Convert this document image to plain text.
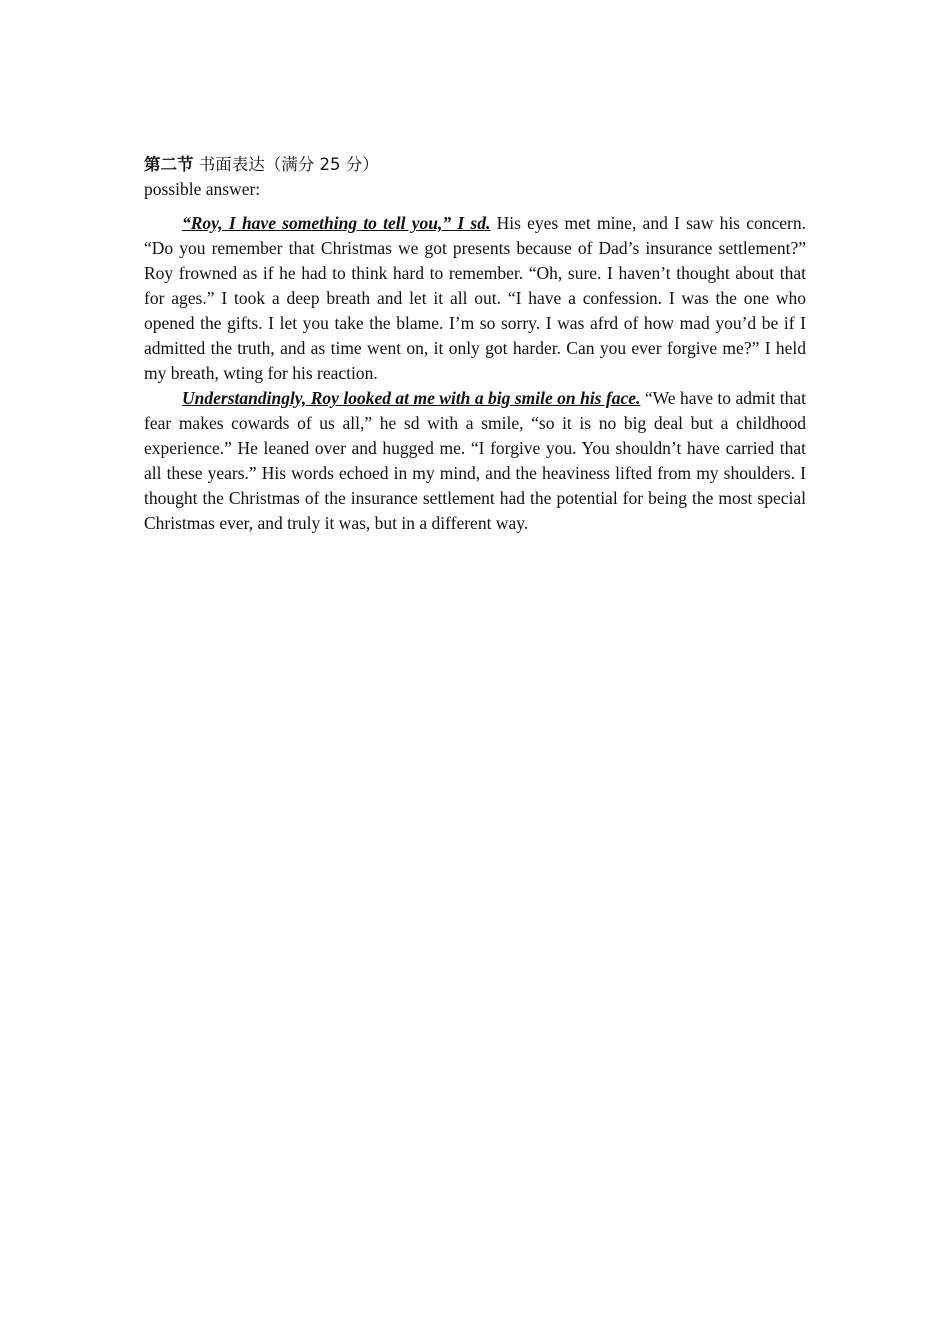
第二节 书面表达（满分 25 分）

possible answer:

“Roy, I have something to tell you,” I sd. His eyes met mine, and I saw his concern. “Do you remember that Christmas we got presents because of Dad’s insurance settlement?” Roy frowned as if he had to think hard to remember. “Oh, sure. I haven’t thought about that for ages.” I took a deep breath and let it all out. “I have a confession. I was the one who opened the gifts. I let you take the blame. I’m so sorry. I was afrd of how mad you’d be if I admitted the truth, and as time went on, it only got harder. Can you ever forgive me?” I held my breath, wting for his reaction.

Understandingly, Roy looked at me with a big smile on his face. “We have to admit that fear makes cowards of us all,” he sd with a smile, “so it is no big deal but a childhood experience.” He leaned over and hugged me. “I forgive you. You shouldn’t have carried that all these years.” His words echoed in my mind, and the heaviness lifted from my shoulders. I thought the Christmas of the insurance settlement had the potential for being the most special Christmas ever, and truly it was, but in a different way.
